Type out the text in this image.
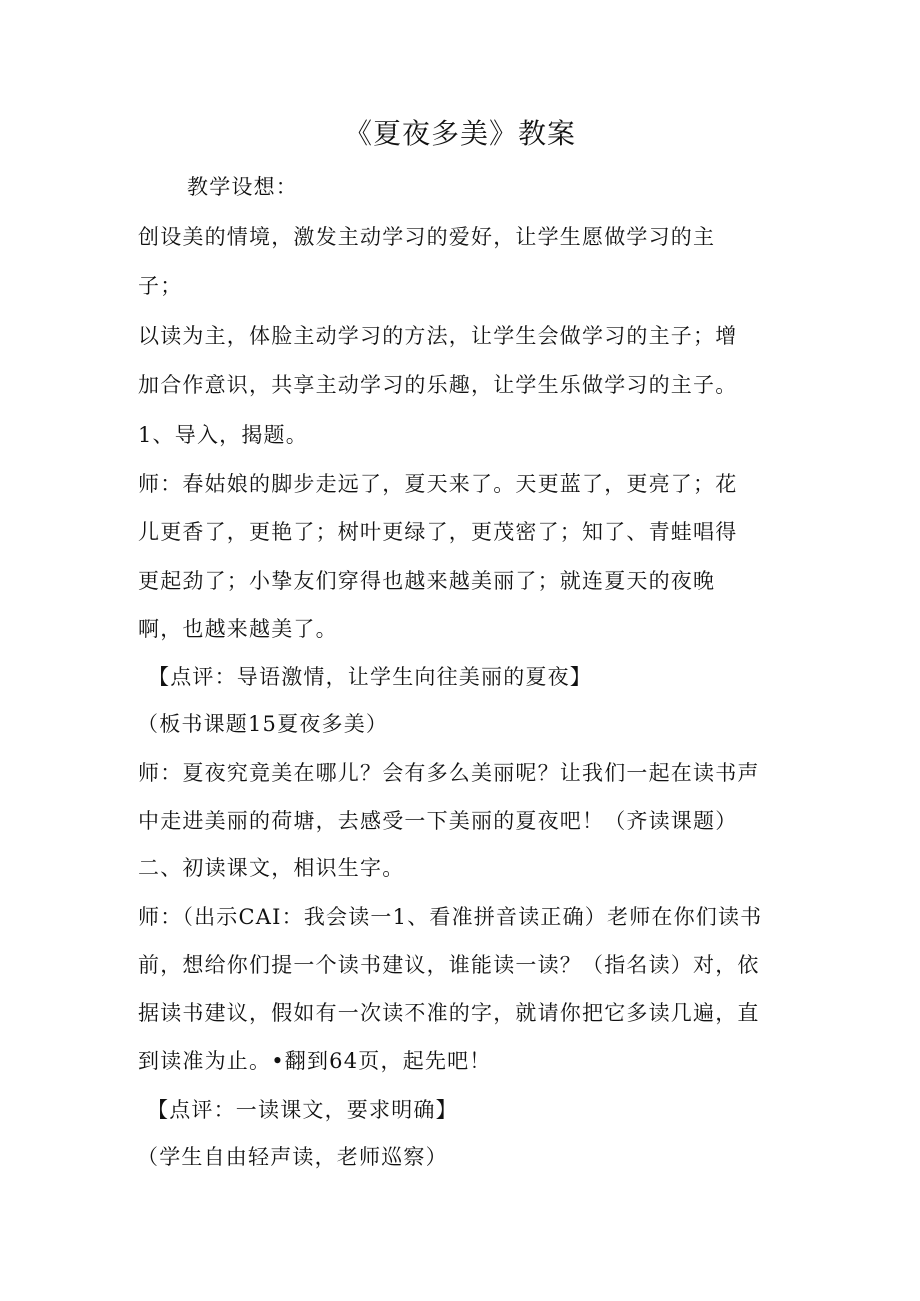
《夏夜多美》教案
教学设想：
创设美的情境，激发主动学习的爱好，让学生愿做学习的主
子；
以读为主，体脸主动学习的方法，让学生会做学习的主子；增
加合作意识，共享主动学习的乐趣，让学生乐做学习的主子。
1、导入，揭题。
师：春姑娘的脚步走远了，夏天来了。天更蓝了，更亮了；花
儿更香了，更艳了；树叶更绿了，更茂密了；知了、青蛙唱得
更起劲了；小挚友们穿得也越来越美丽了；就连夏天的夜晚
啊，也越来越美了。
【点评：导语激情，让学生向往美丽的夏夜】
（板书课题15夏夜多美）
师：夏夜究竟美在哪儿？会有多么美丽呢？让我们一起在读书声
中走进美丽的荷塘，去感受一下美丽的夏夜吧！（齐读课题）
二、初读课文，相识生字。
师：（出示CAI：我会读一1、看准拼音读正确）老师在你们读书
前，想给你们提一个读书建议，谁能读一读？（指名读）对，依
据读书建议，假如有一次读不准的字，就请你把它多读几遍，直
到读准为止。•翻到64页，起先吧！
【点评：一读课文，要求明确】
（学生自由轻声读，老师巡察）
